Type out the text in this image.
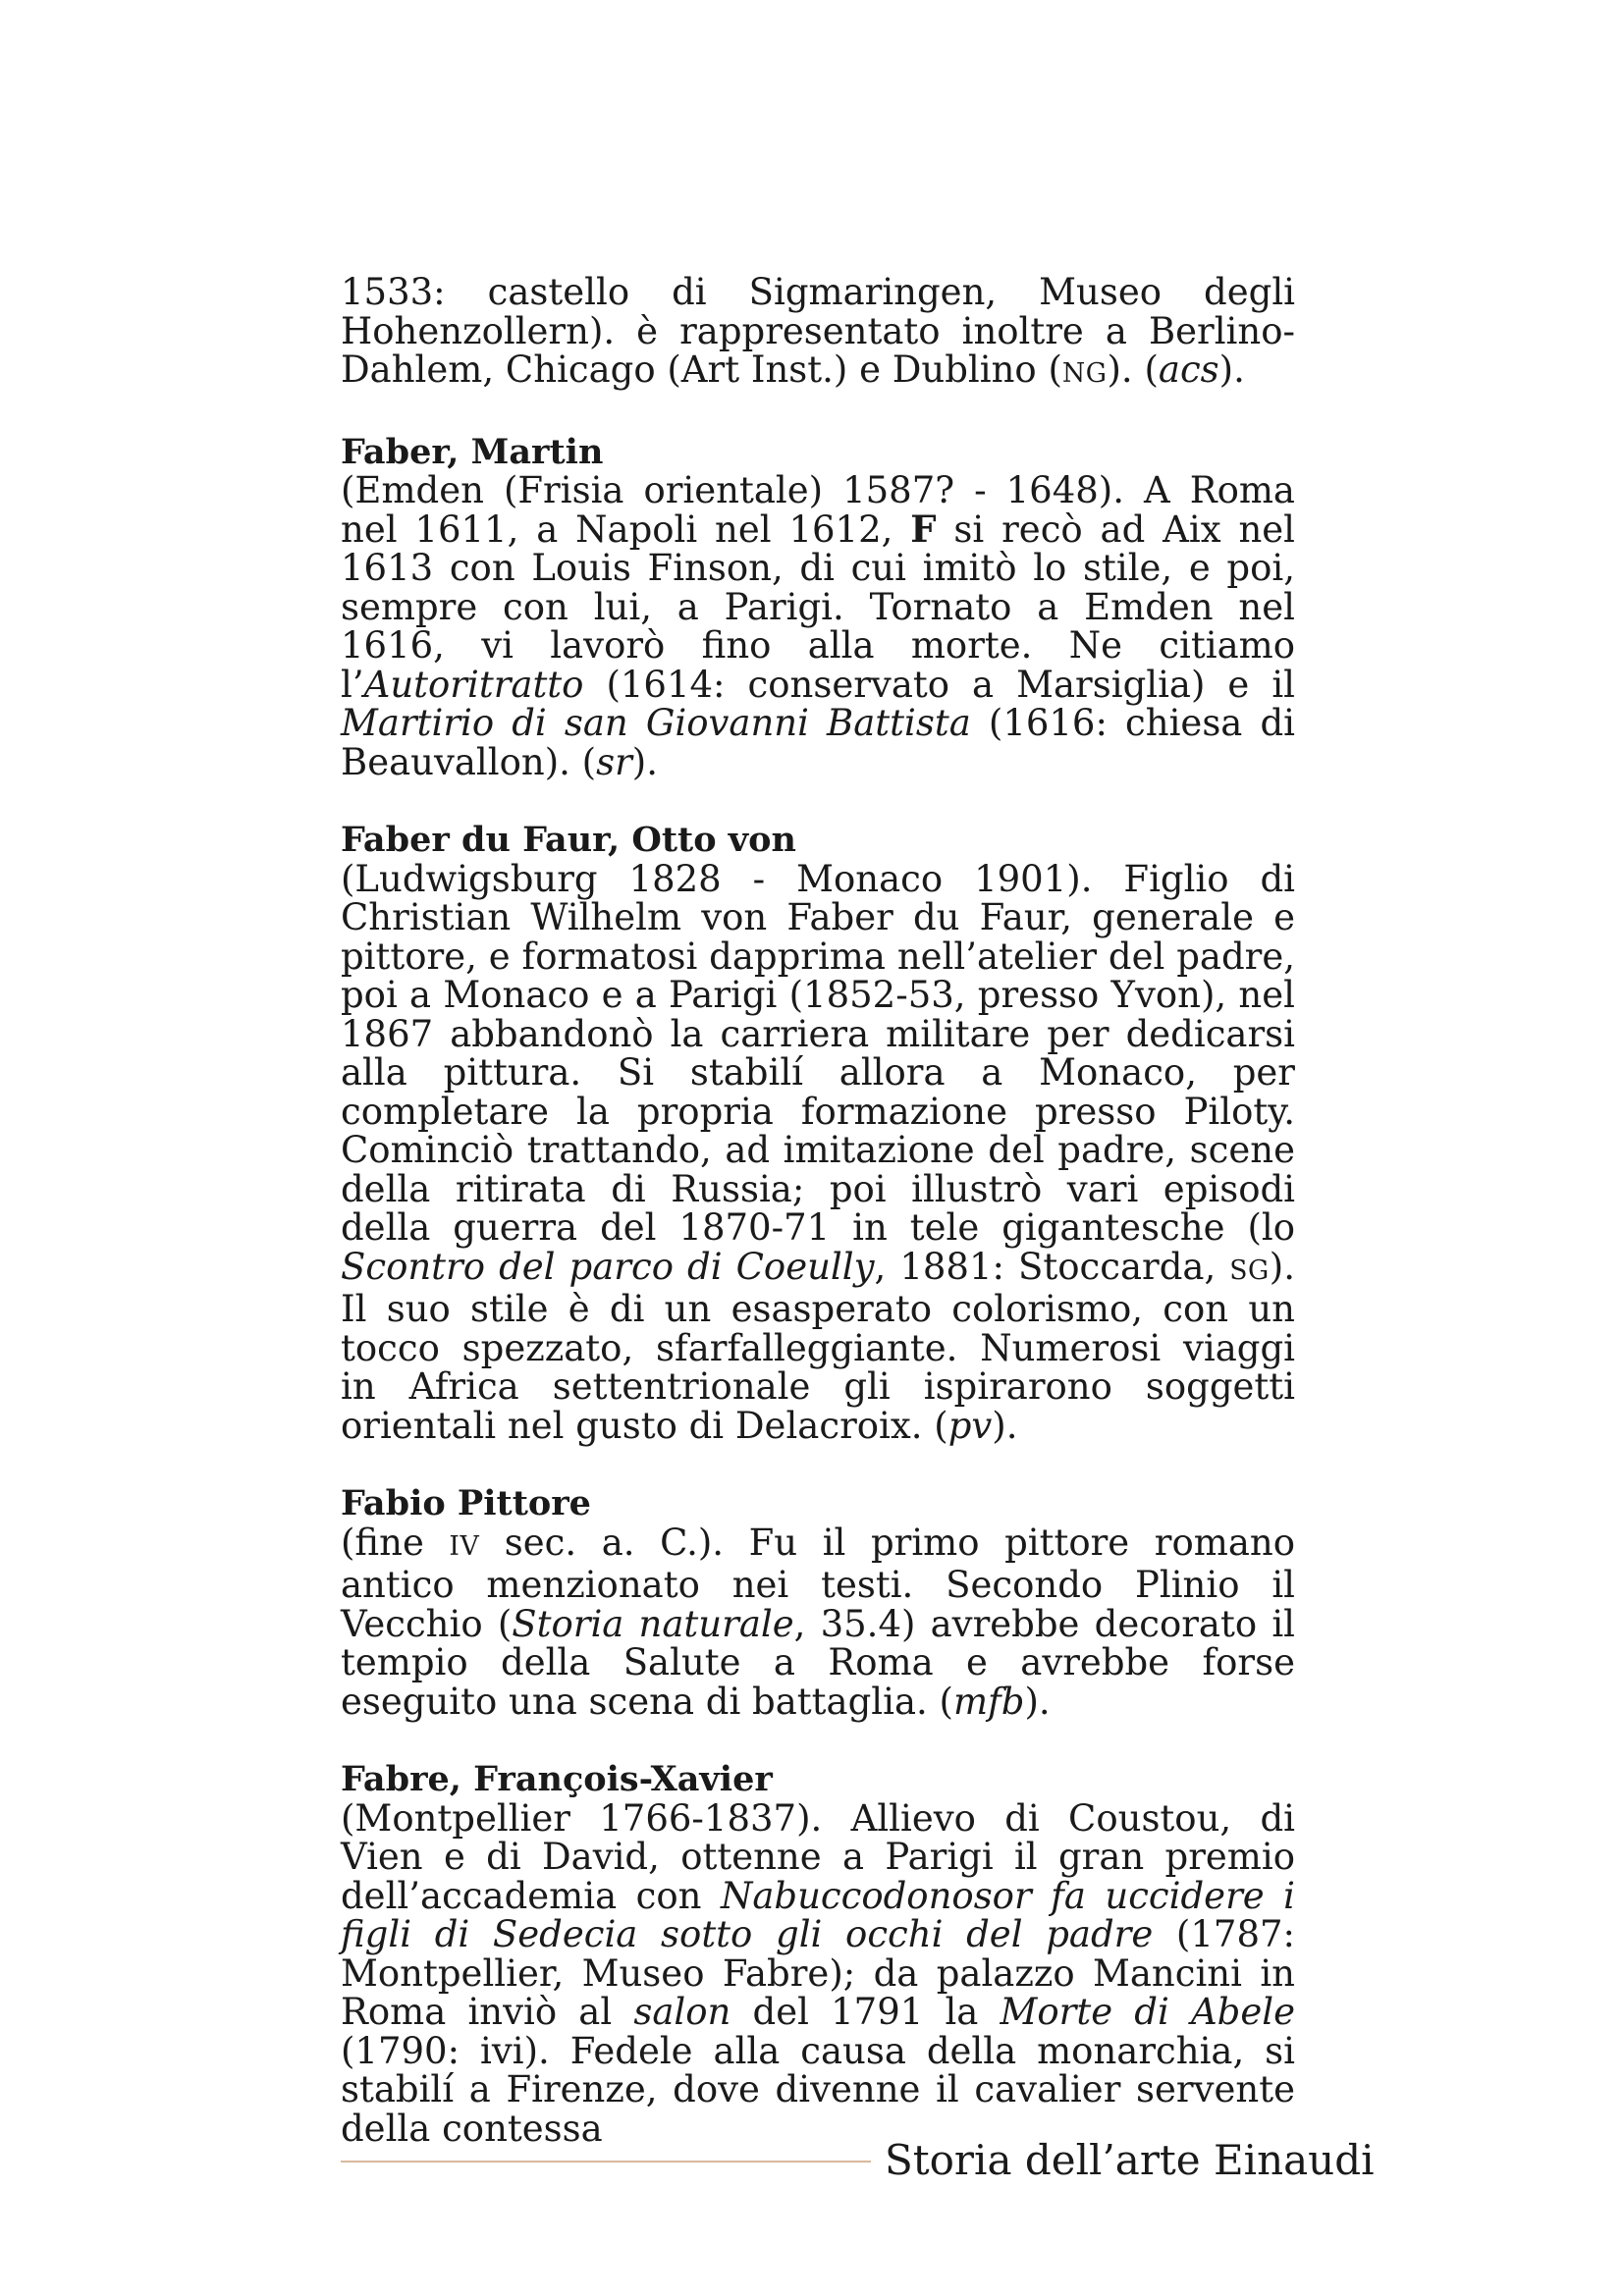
1533: castello di Sigmaringen, Museo degli Hohenzollern). è rappresentato inoltre a Berlino-Dahlem, Chicago (Art Inst.) e Dublino (NG). (acs).

Faber, Martin

(Emden (Frisia orientale) 1587? - 1648). A Roma nel 1611, a Napoli nel 1612, F si recò ad Aix nel 1613 con Louis Finson, di cui imitò lo stile, e poi, sempre con lui, a Parigi. Tornato a Emden nel 1616, vi lavorò fino alla morte. Ne citiamo l’Autoritratto (1614: conservato a Marsiglia) e il Martirio di san Giovanni Battista (1616: chiesa di Beauvallon). (sr).

Faber du Faur, Otto von

(Ludwigsburg 1828 - Monaco 1901). Figlio di Christian Wilhelm von Faber du Faur, generale e pittore, e formatosi dapprima nell’atelier del padre, poi a Monaco e a Parigi (1852-53, presso Yvon), nel 1867 abbandonò la carriera militare per dedicarsi alla pittura. Si stabilí allora a Monaco, per completare la propria formazione presso Piloty. Cominciò trattando, ad imitazione del padre, scene della ritirata di Russia; poi illustrò vari episodi della guerra del 1870-71 in tele gigantesche (lo Scontro del parco di Coeully, 1881: Stoccarda, SG). Il suo stile è di un esasperato colorismo, con un tocco spezzato, sfarfalleggiante. Numerosi viaggi in Africa settentrionale gli ispirarono soggetti orientali nel gusto di Delacroix. (pv).

Fabio Pittore

(fine IV sec. a. C.). Fu il primo pittore romano antico menzionato nei testi. Secondo Plinio il Vecchio (Storia naturale, 35.4) avrebbe decorato il tempio della Salute a Roma e avrebbe forse eseguito una scena di battaglia. (mfb).

Fabre, François-Xavier

(Montpellier 1766-1837). Allievo di Coustou, di Vien e di David, ottenne a Parigi il gran premio dell’accademia con Nabuccodonosor fa uccidere i figli di Sedecia sotto gli occhi del padre (1787: Montpellier, Museo Fabre); da palazzo Mancini in Roma inviò al salon del 1791 la Morte di Abele (1790: ivi). Fedele alla causa della monarchia, si stabilí a Firenze, dove divenne il cavalier servente della contessa

Storia dell’arte Einaudi
